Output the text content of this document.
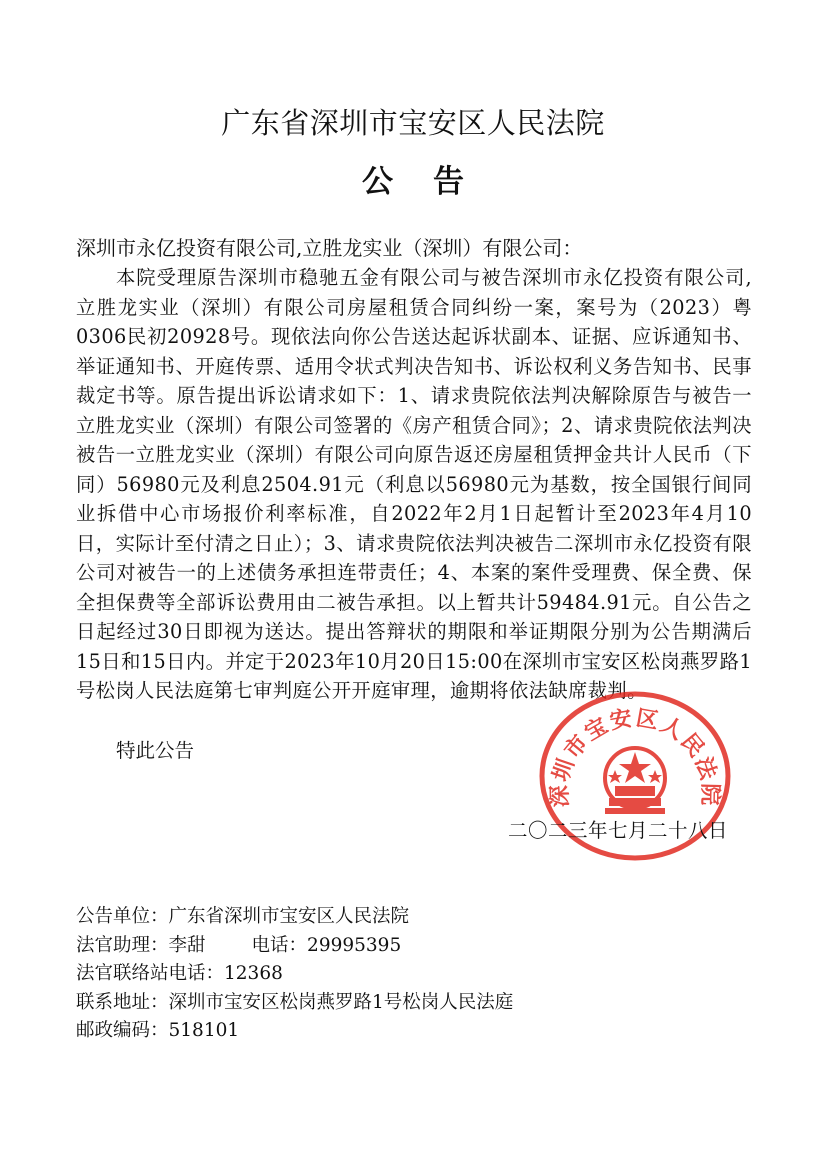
广东省深圳市宝安区人民法院
公告
深圳市永亿投资有限公司,立胜龙实业（深圳）有限公司：
本院受理原告深圳市稳驰五金有限公司与被告深圳市永亿投资有限公司,立胜龙实业（深圳）有限公司房屋租赁合同纠纷一案，案号为（2023）粤0306民初20928号。现依法向你公告送达起诉状副本、证据、应诉通知书、举证通知书、开庭传票、适用令状式判决告知书、诉讼权利义务告知书、民事裁定书等。原告提出诉讼请求如下：1、请求贵院依法判决解除原告与被告一立胜龙实业（深圳）有限公司签署的《房产租赁合同》；2、请求贵院依法判决被告一立胜龙实业（深圳）有限公司向原告返还房屋租赁押金共计人民币（下同）56980元及利息2504.91元（利息以56980元为基数，按全国银行间同业拆借中心市场报价利率标准，自2022年2月1日起暂计至2023年4月10日，实际计至付清之日止）；3、请求贵院依法判决被告二深圳市永亿投资有限公司对被告一的上述债务承担连带责任；4、本案的案件受理费、保全费、保全担保费等全部诉讼费用由二被告承担。以上暂共计59484.91元。自公告之日起经过30日即视为送达。提出答辩状的期限和举证期限分别为公告期满后15日和15日内。并定于2023年10月20日15:00在深圳市宝安区松岗燕罗路1号松岗人民法庭第七审判庭公开开庭审理，逾期将依法缺席裁判。
特此公告
深圳市宝安区人民法院
二〇二三年七月二十八日
公告单位：广东省深圳市宝安区人民法院
法官助理：李甜 电话：29995395
法官联络站电话：12368
联系地址：深圳市宝安区松岗燕罗路1号松岗人民法庭
邮政编码：518101
